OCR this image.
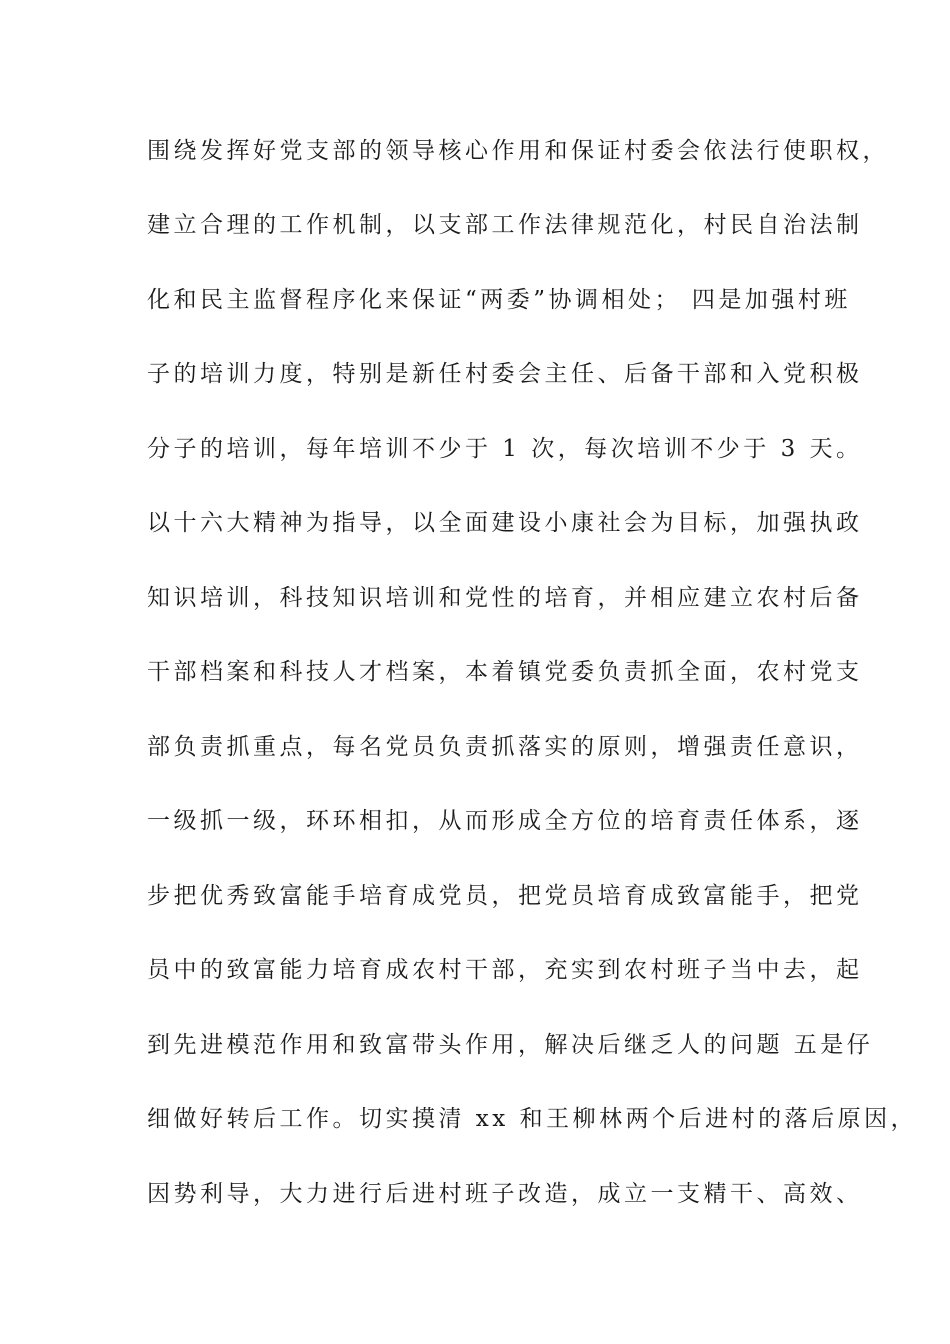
围绕发挥好党支部的领导核心作用和保证村委会依法行使职权，
建立合理的工作机制，以支部工作法律规范化，村民自治法制
化和民主监督程序化来保证“两委”协调相处； 四是加强村班
子的培训力度，特别是新任村委会主任、后备干部和入党积极
分子的培训，每年培训不少于 1 次，每次培训不少于 3 天。
以十六大精神为指导，以全面建设小康社会为目标，加强执政
知识培训，科技知识培训和党性的培育，并相应建立农村后备
干部档案和科技人才档案，本着镇党委负责抓全面，农村党支
部负责抓重点，每名党员负责抓落实的原则，增强责任意识，
一级抓一级，环环相扣，从而形成全方位的培育责任体系，逐
步把优秀致富能手培育成党员，把党员培育成致富能手，把党
员中的致富能力培育成农村干部，充实到农村班子当中去，起
到先进模范作用和致富带头作用，解决后继乏人的问题 五是仔
细做好转后工作。切实摸清 xx 和王柳林两个后进村的落后原因，
因势利导，大力进行后进村班子改造，成立一支精干、高效、
